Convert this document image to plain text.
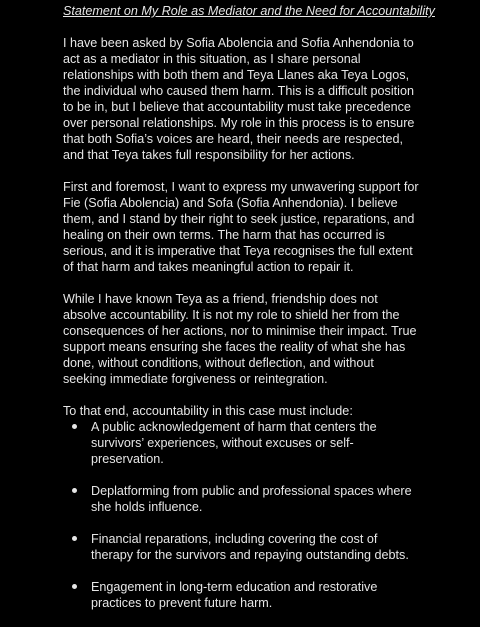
Statement on My Role as Mediator and the Need for Accountability

I have been asked by Sofia Abolencia and Sofia Anhendonia to act as a mediator in this situation, as I share personal relationships with both them and Teya Llanes aka Teya Logos, the individual who caused them harm. This is a difficult position to be in, but I believe that accountability must take precedence over personal relationships. My role in this process is to ensure that both Sofia’s voices are heard, their needs are respected, and that Teya takes full responsibility for her actions.

First and foremost, I want to express my unwavering support for Fie (Sofia Abolencia) and Sofa (Sofia Anhendonia). I believe them, and I stand by their right to seek justice, reparations, and healing on their own terms. The harm that has occurred is serious, and it is imperative that Teya recognises the full extent of that harm and takes meaningful action to repair it.

While I have known Teya as a friend, friendship does not absolve accountability. It is not my role to shield her from the consequences of her actions, nor to minimise their impact. True support means ensuring she faces the reality of what she has done, without conditions, without deflection, and without seeking immediate forgiveness or reintegration.

To that end, accountability in this case must include:

A public acknowledgement of harm that centers the survivors’ experiences, without excuses or self-preservation.
Deplatforming from public and professional spaces where she holds influence.
Financial reparations, including covering the cost of therapy for the survivors and repaying outstanding debts.
Engagement in long-term education and restorative practices to prevent future harm.
